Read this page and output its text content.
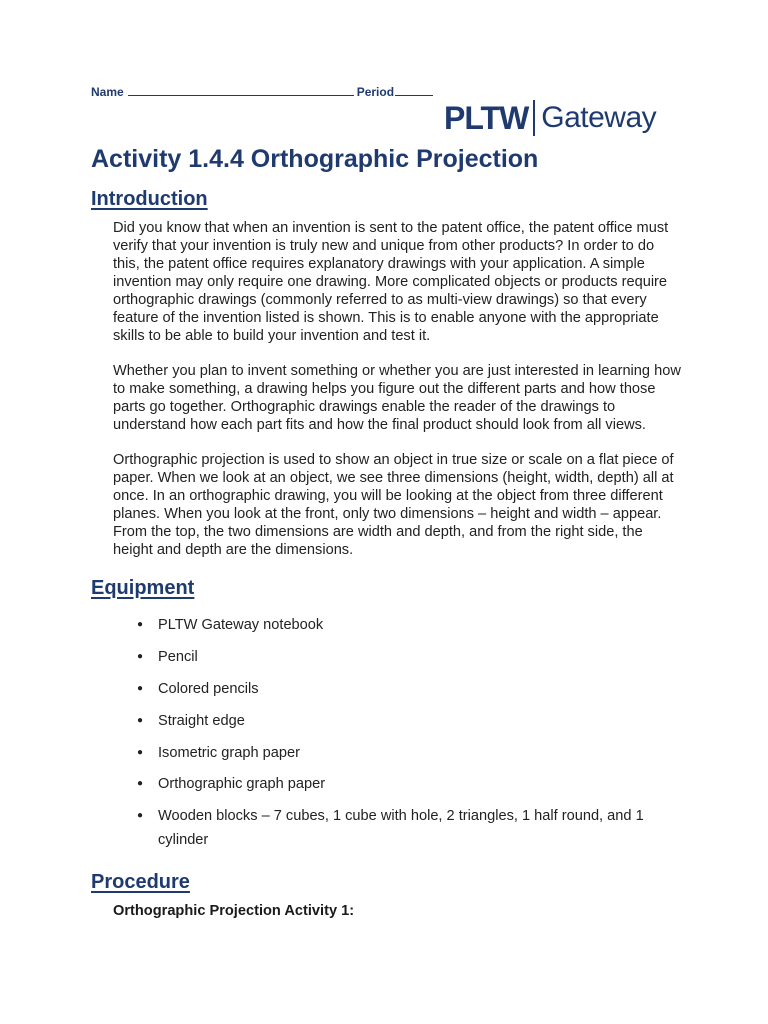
Name	Period
PLTW Gateway
Activity 1.4.4 Orthographic Projection
Introduction

Did you know that when an invention is sent to the patent office, the patent office must verify that your invention is truly new and unique from other products? In order to do this, the patent office requires explanatory drawings with your application. A simple invention may only require one drawing. More complicated objects or products require orthographic drawings (commonly referred to as multi-view drawings) so that every feature of the invention listed is shown. This is to enable anyone with the appropriate skills to be able to build your invention and test it.

Whether you plan to invent something or whether you are just interested in learning how to make something, a drawing helps you figure out the different parts and how those parts go together. Orthographic drawings enable the reader of the drawings to understand how each part fits and how the final product should look from all views.

Orthographic projection is used to show an object in true size or scale on a flat piece of paper. When we look at an object, we see three dimensions (height, width, depth) all at once. In an orthographic drawing, you will be looking at the object from three different planes. When you look at the front, only two dimensions – height and width – appear. From the top, the two dimensions are width and depth, and from the right side, the height and depth are the dimensions.

Equipment
● PLTW Gateway notebook
● Pencil
● Colored pencils
● Straight edge
● Isometric graph paper
● Orthographic graph paper
● Wooden blocks – 7 cubes, 1 cube with hole, 2 triangles, 1 half round, and 1 cylinder
Procedure

Orthographic Projection Activity 1:
